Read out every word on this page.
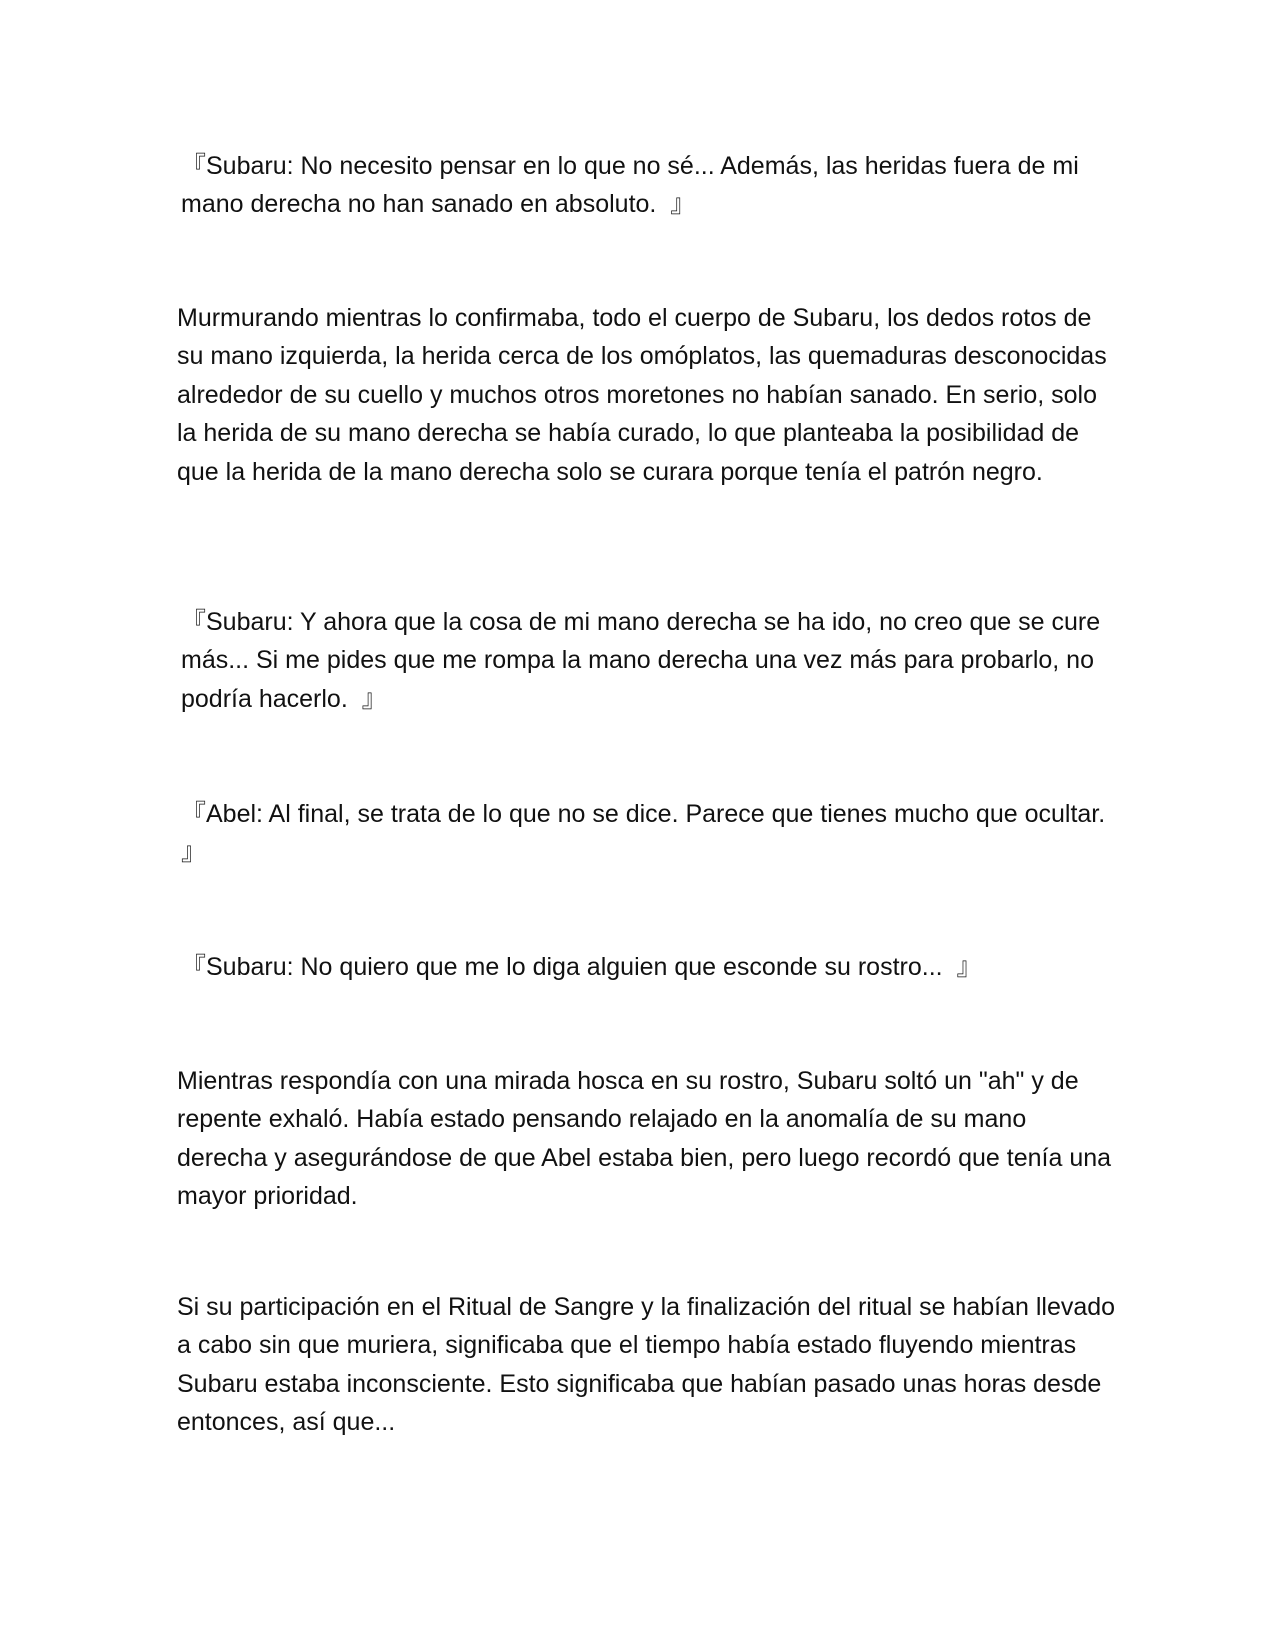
『Subaru: No necesito pensar en lo que no sé... Además, las heridas fuera de mi mano derecha no han sanado en absoluto.  』

Murmurando mientras lo confirmaba, todo el cuerpo de Subaru, los dedos rotos de su mano izquierda, la herida cerca de los omóplatos, las quemaduras desconocidas alrededor de su cuello y muchos otros moretones no habían sanado. En serio, solo la herida de su mano derecha se había curado, lo que planteaba la posibilidad de que la herida de la mano derecha solo se curara porque tenía el patrón negro.

『Subaru: Y ahora que la cosa de mi mano derecha se ha ido, no creo que se cure más... Si me pides que me rompa la mano derecha una vez más para probarlo, no podría hacerlo.  』

『Abel: Al final, se trata de lo que no se dice. Parece que tienes mucho que ocultar.  』

『Subaru: No quiero que me lo diga alguien que esconde su rostro...  』

Mientras respondía con una mirada hosca en su rostro, Subaru soltó un "ah" y de repente exhaló. Había estado pensando relajado en la anomalía de su mano derecha y asegurándose de que Abel estaba bien, pero luego recordó que tenía una mayor prioridad.

Si su participación en el Ritual de Sangre y la finalización del ritual se habían llevado a cabo sin que muriera, significaba que el tiempo había estado fluyendo mientras Subaru estaba inconsciente. Esto significaba que habían pasado unas horas desde entonces, así que...
